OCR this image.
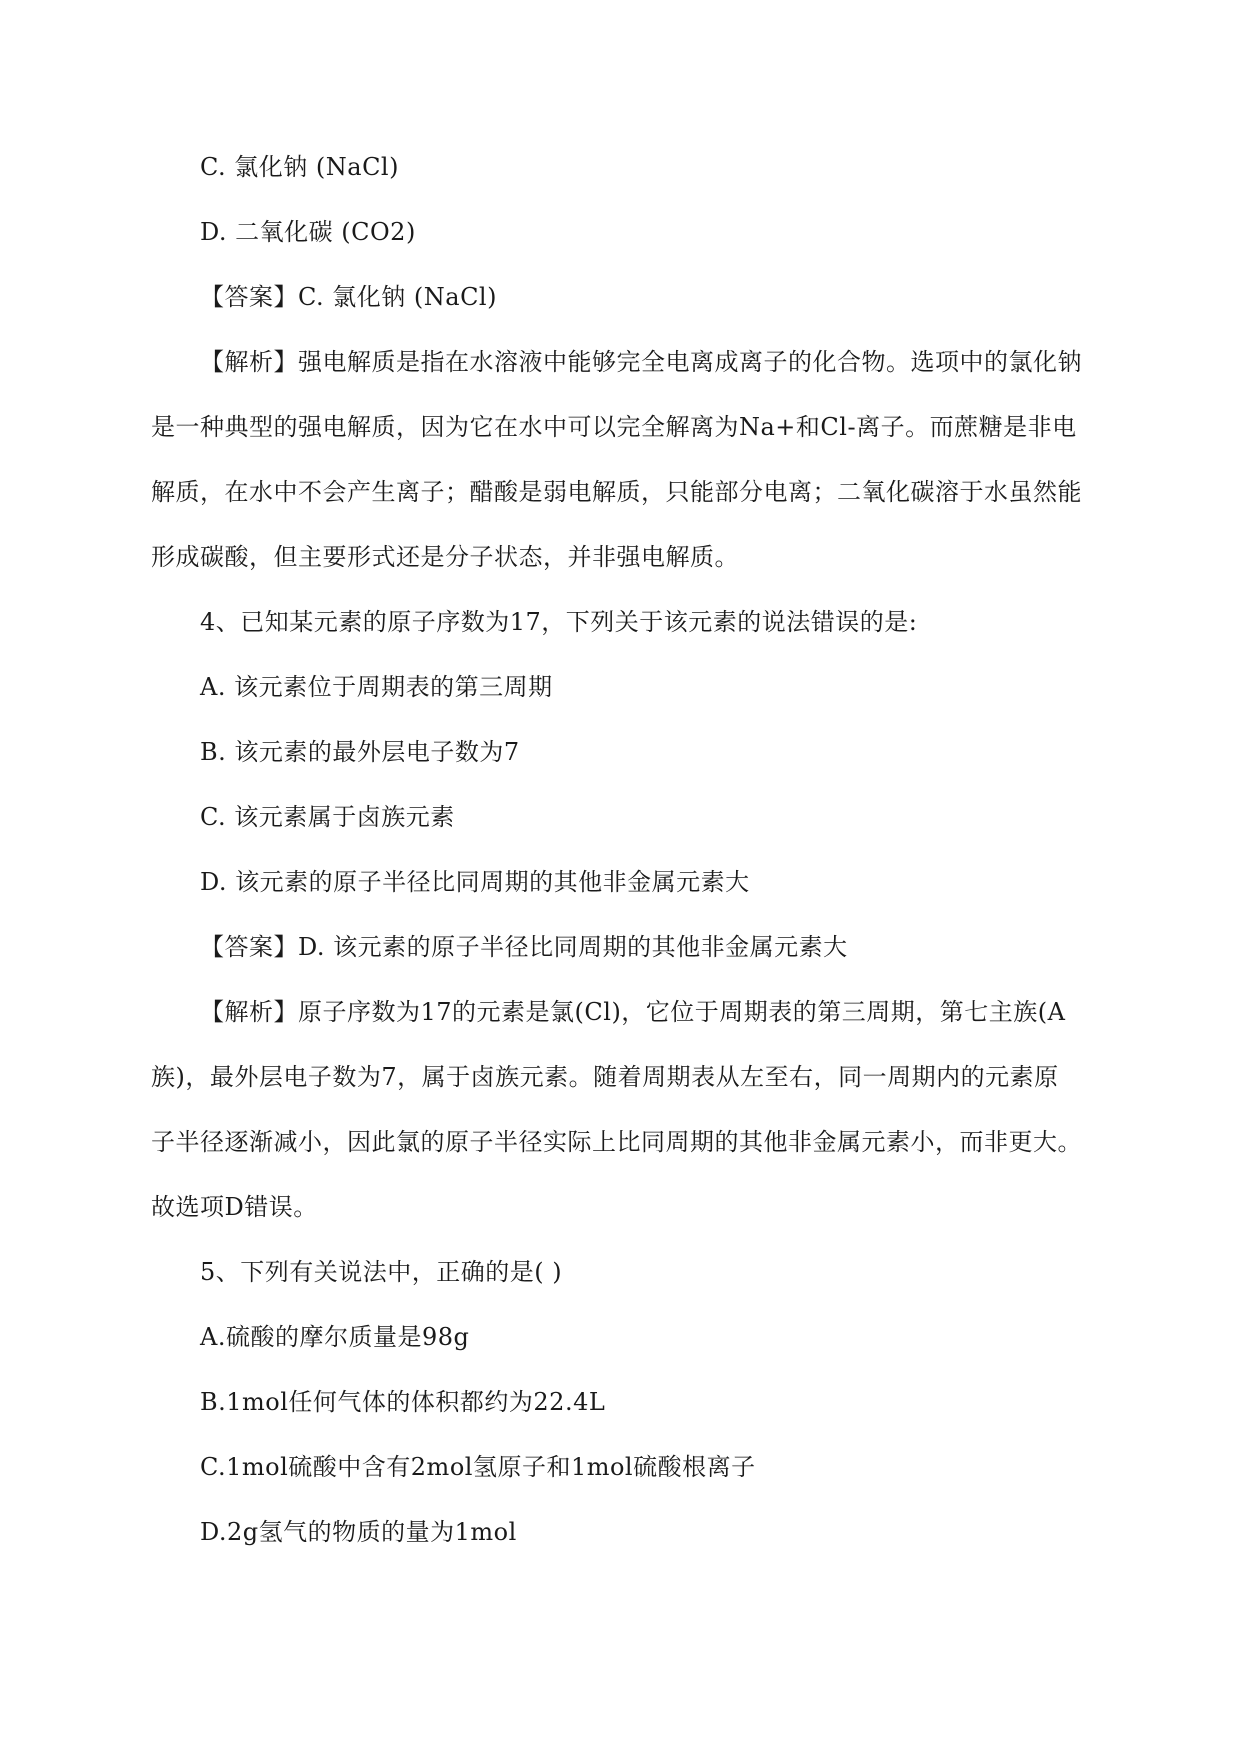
C. 氯化钠 (NaCl)
D. 二氧化碳 (CO2)
【答案】C. 氯化钠 (NaCl)
【解析】强电解质是指在水溶液中能够完全电离成离子的化合物。选项中的氯化钠
是一种典型的强电解质，因为它在水中可以完全解离为Na+和Cl-离子。而蔗糖是非电
解质，在水中不会产生离子；醋酸是弱电解质，只能部分电离；二氧化碳溶于水虽然能
形成碳酸，但主要形式还是分子状态，并非强电解质。
4、已知某元素的原子序数为17，下列关于该元素的说法错误的是:
A. 该元素位于周期表的第三周期
B. 该元素的最外层电子数为7
C. 该元素属于卤族元素
D. 该元素的原子半径比同周期的其他非金属元素大
【答案】D. 该元素的原子半径比同周期的其他非金属元素大
【解析】原子序数为17的元素是氯(Cl)，它位于周期表的第三周期，第七主族(A
族)，最外层电子数为7，属于卤族元素。随着周期表从左至右，同一周期内的元素原
子半径逐渐减小，因此氯的原子半径实际上比同周期的其他非金属元素小，而非更大。
故选项D错误。
5、下列有关说法中，正确的是( )
A.硫酸的摩尔质量是98g
B.1mol任何气体的体积都约为22.4L
C.1mol硫酸中含有2mol氢原子和1mol硫酸根离子
D.2g氢气的物质的量为1mol
